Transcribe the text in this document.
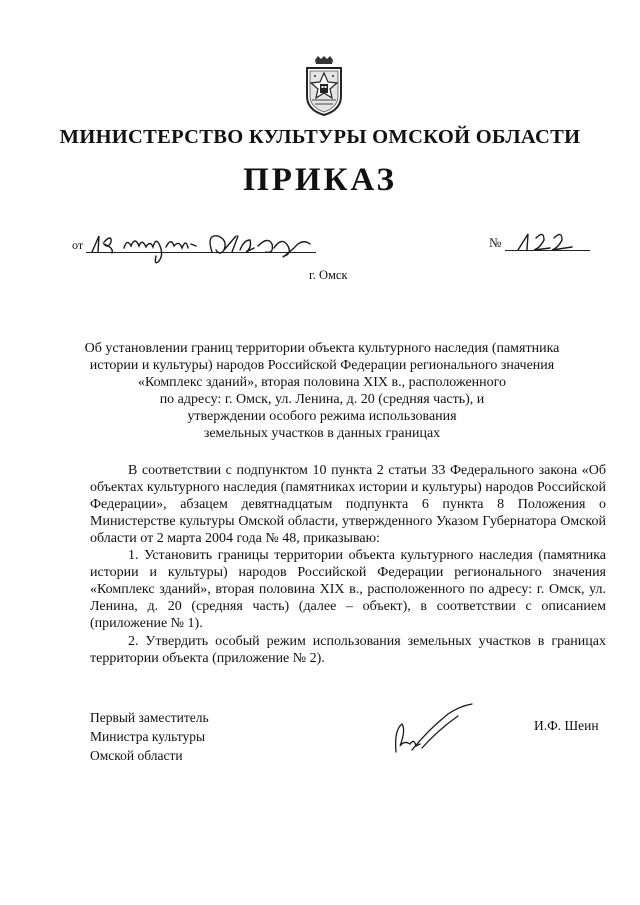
МИНИСТЕРСТВО КУЛЬТУРЫ ОМСКОЙ ОБЛАСТИ
ПРИКАЗ
от	№
г. Омск
Об установлении границ территории объекта культурного наследия (памятника
истории и культуры) народов Российской Федерации регионального значения
«Комплекс зданий», вторая половина XIX в., расположенного
по адресу: г. Омск, ул. Ленина, д. 20 (средняя часть), и
утверждении особого режима использования
земельных участков в данных границах
В соответствии с подпунктом 10 пункта 2 статьи 33 Федерального закона «Об объектах культурного наследия (памятниках истории и культуры) народов Российской Федерации», абзацем девятнадцатым подпункта 6 пункта 8 Положения о Министерстве культуры Омской области, утвержденного Указом Губернатора Омской области от 2 марта 2004 года № 48, приказываю:
1. Установить границы территории объекта культурного наследия (памятника истории и культуры) народов Российской Федерации регионального значения «Комплекс зданий», вторая половина XIX в., расположенного по адресу: г. Омск, ул. Ленина, д. 20 (средняя часть) (далее – объект), в соответствии с описанием (приложение № 1).
2. Утвердить особый режим использования земельных участков в границах территории объекта (приложение № 2).
Первый заместитель
Министра культуры
Омской области
И.Ф. Шеин
